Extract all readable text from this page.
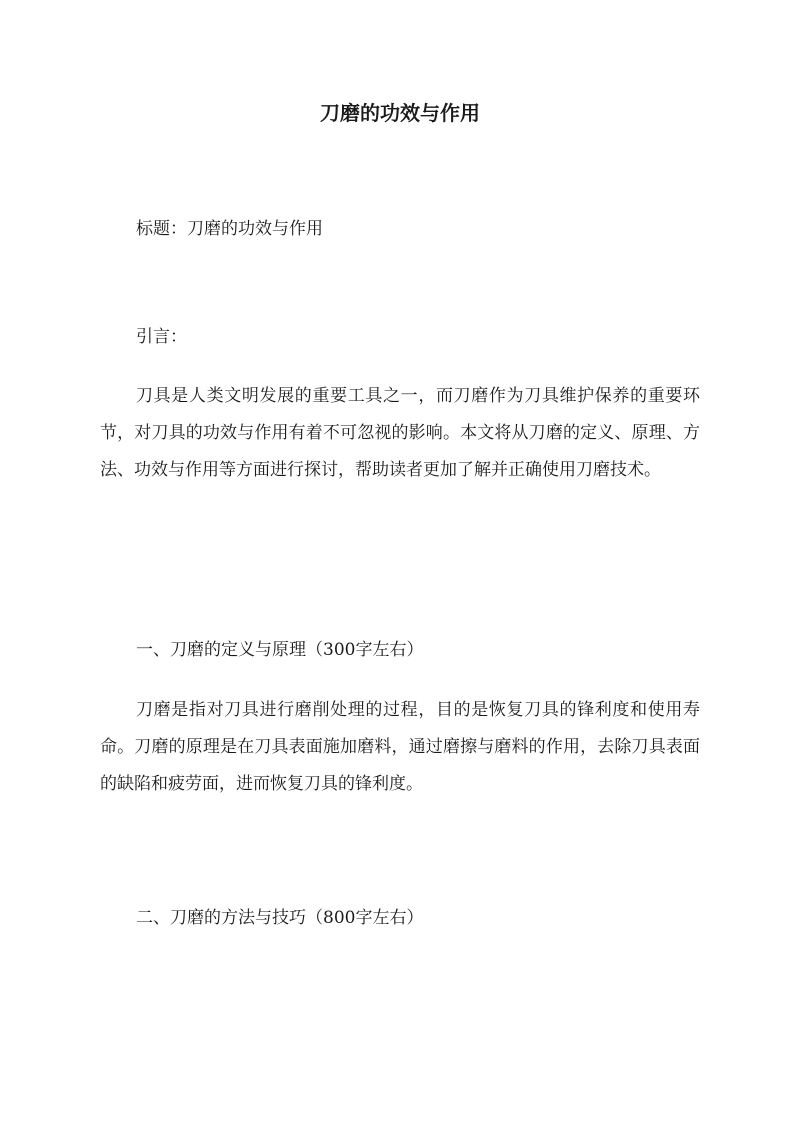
刀磨的功效与作用
标题：刀磨的功效与作用
引言：

刀具是人类文明发展的重要工具之一，而刀磨作为刀具维护保养的重要环节，对刀具的功效与作用有着不可忽视的影响。本文将从刀磨的定义、原理、方法、功效与作用等方面进行探讨，帮助读者更加了解并正确使用刀磨技术。

一、刀磨的定义与原理（300字左右）

刀磨是指对刀具进行磨削处理的过程，目的是恢复刀具的锋利度和使用寿命。刀磨的原理是在刀具表面施加磨料，通过磨擦与磨料的作用，去除刀具表面的缺陷和疲劳面，进而恢复刀具的锋利度。

二、刀磨的方法与技巧（800字左右）
